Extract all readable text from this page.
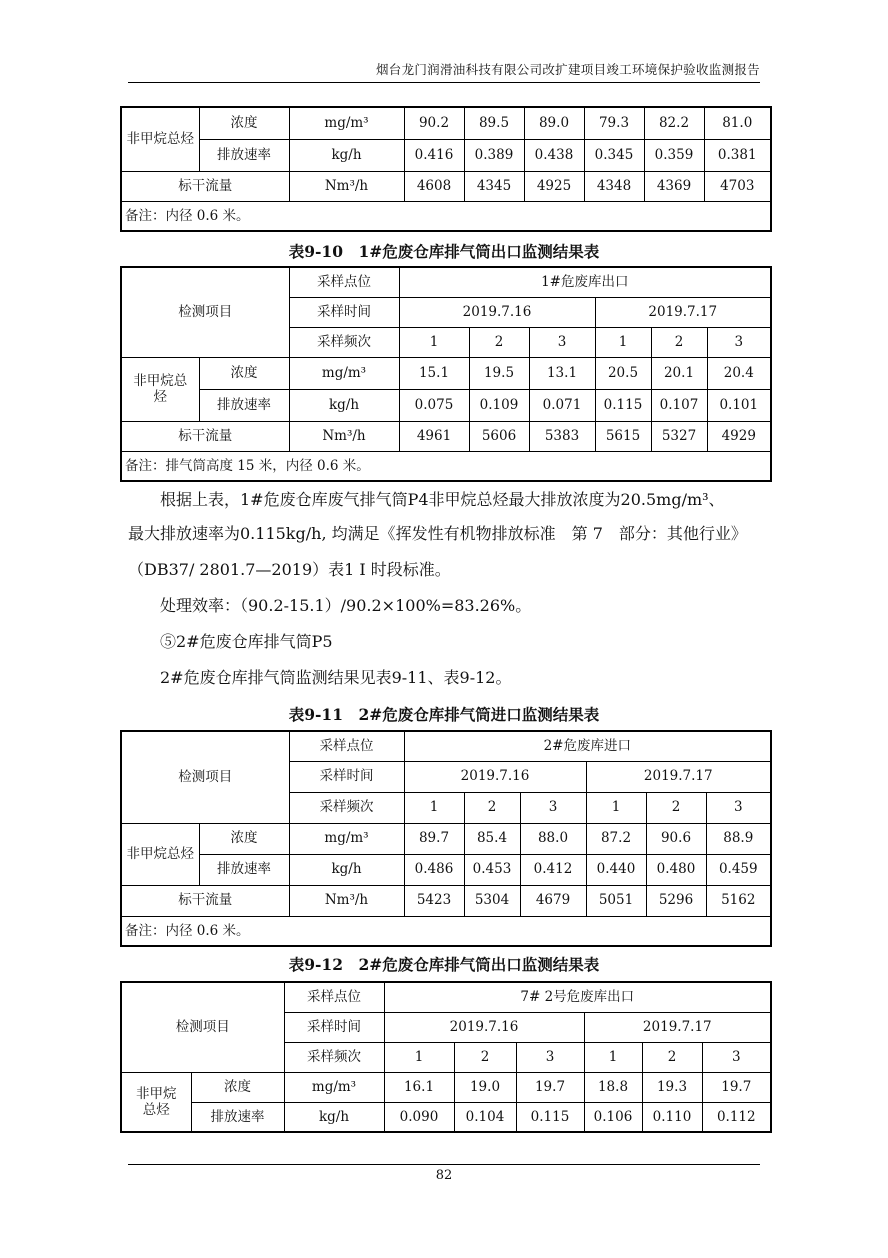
烟台龙门润滑油科技有限公司改扩建项目竣工环境保护验收监测报告
非甲烷总烃	浓度	mg/m³	90.2	89.5	89.0	79.3	82.2	81.0
	排放速率	kg/h	0.416	0.389	0.438	0.345	0.359	0.381
标干流量		Nm³/h	4608	4345	4925	4348	4369	4703
备注：内径 0.6 米。								
表9-10　1#危废仓库排气筒出口监测结果表
检测项目		采样点位	1#危废库出口					
		采样时间	2019.7.16			2019.7.17		
		采样频次	1	2	3	1	2	3
非甲烷总烃	浓度	mg/m³	15.1	19.5	13.1	20.5	20.1	20.4
	排放速率	kg/h	0.075	0.109	0.071	0.115	0.107	0.101
标干流量		Nm³/h	4961	5606	5383	5615	5327	4929
备注：排气筒高度 15 米，内径 0.6 米。								
根据上表，1#危废仓库废气排气筒P4非甲烷总烃最大排放浓度为20.5mg/m³、
最大排放速率为0.115kg/h, 均满足《挥发性有机物排放标准　第 7　部分：其他行业》
（DB37/ 2801.7—2019）表1 Ⅰ 时段标准。
处理效率：（90.2-15.1）/90.2×100%=83.26%。
⑤2#危废仓库排气筒P5
2#危废仓库排气筒监测结果见表9-11、表9-12。
表9-11　2#危废仓库排气筒进口监测结果表
检测项目		采样点位	2#危废库进口					
		采样时间	2019.7.16			2019.7.17		
		采样频次	1	2	3	1	2	3
非甲烷总烃	浓度	mg/m³	89.7	85.4	88.0	87.2	90.6	88.9
	排放速率	kg/h	0.486	0.453	0.412	0.440	0.480	0.459
标干流量		Nm³/h	5423	5304	4679	5051	5296	5162
备注：内径 0.6 米。								
表9-12　2#危废仓库排气筒出口监测结果表
检测项目		采样点位	7# 2号危废库出口					
		采样时间	2019.7.16			2019.7.17		
		采样频次	1	2	3	1	2	3
非甲烷总烃	浓度	mg/m³	16.1	19.0	19.7	18.8	19.3	19.7
	排放速率	kg/h	0.090	0.104	0.115	0.106	0.110	0.112
82
